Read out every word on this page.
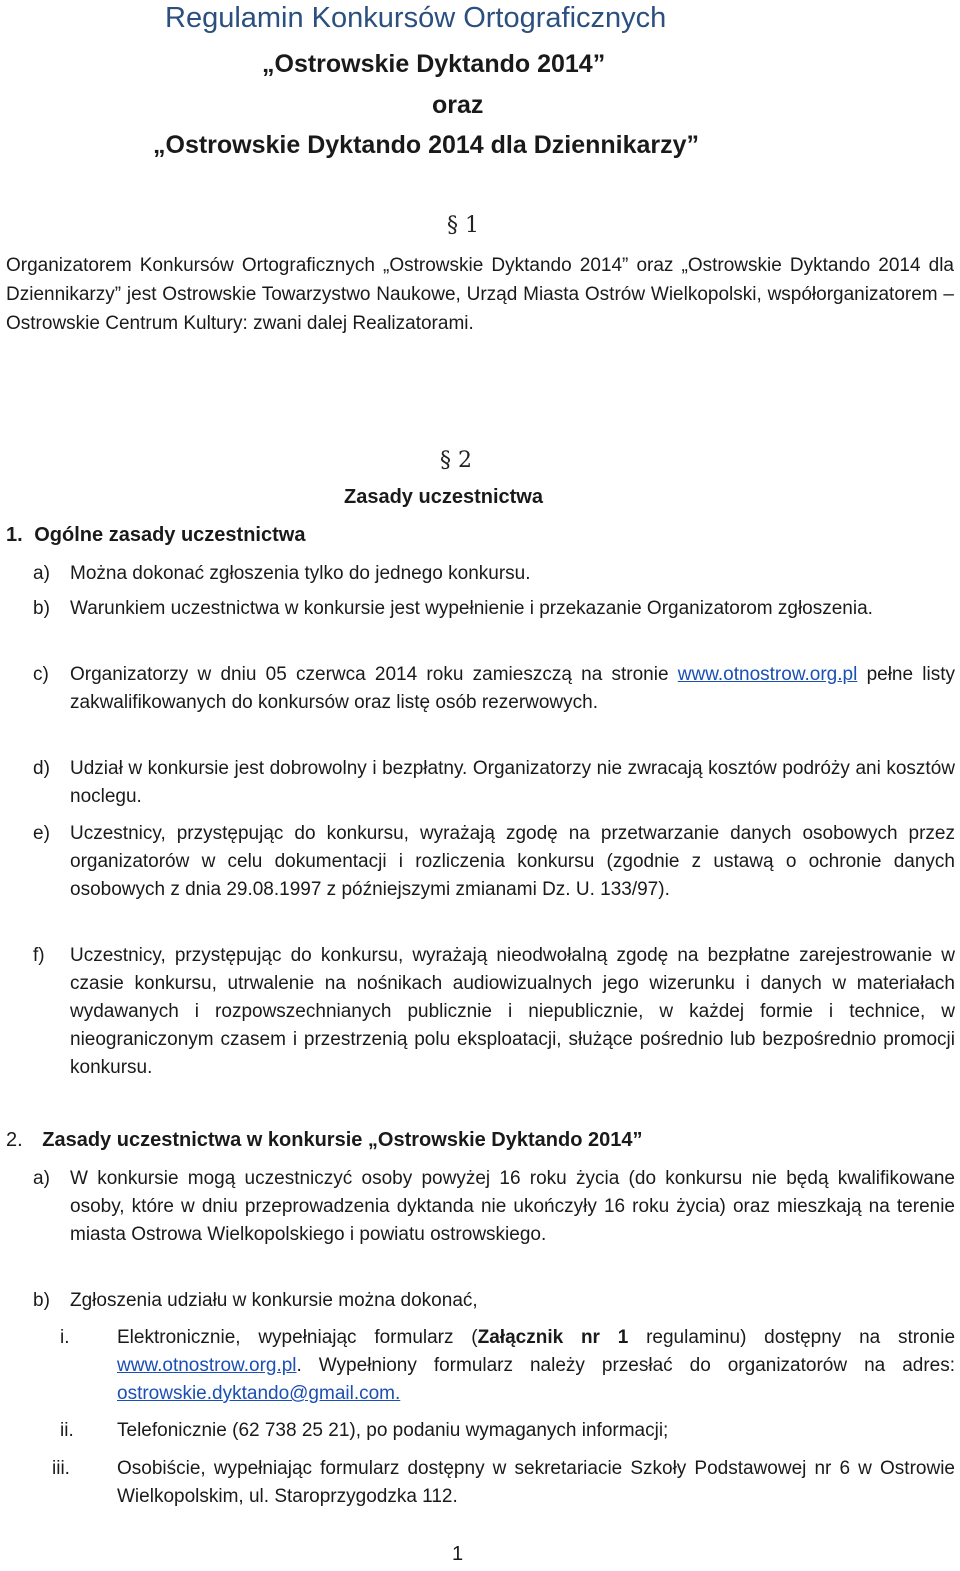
Regulamin Konkursów Ortograficznych
„Ostrowskie Dyktando 2014”
oraz
„Ostrowskie Dyktando 2014 dla Dziennikarzy”
§ 1
Organizatorem Konkursów Ortograficznych „Ostrowskie Dyktando 2014” oraz „Ostrowskie Dyktando 2014 dla Dziennikarzy” jest Ostrowskie Towarzystwo Naukowe, Urząd Miasta Ostrów Wielkopolski, współorganizatorem – Ostrowskie Centrum Kultury: zwani dalej Realizatorami.
§ 2
Zasady uczestnictwa
1. Ogólne zasady uczestnictwa
a) Można dokonać zgłoszenia tylko do jednego konkursu.
b) Warunkiem uczestnictwa w konkursie jest wypełnienie i przekazanie Organizatorom zgłoszenia.
c) Organizatorzy w dniu 05 czerwca 2014 roku zamieszczą na stronie www.otnostrow.org.pl pełne listy zakwalifikowanych do konkursów oraz listę osób rezerwowych.
d) Udział w konkursie jest dobrowolny i bezpłatny. Organizatorzy nie zwracają kosztów podróży ani kosztów noclegu.
e) Uczestnicy, przystępując do konkursu, wyrażają zgodę na przetwarzanie danych osobowych przez organizatorów w celu dokumentacji i rozliczenia konkursu (zgodnie z ustawą o ochronie danych osobowych z dnia 29.08.1997 z późniejszymi zmianami Dz. U. 133/97).
f) Uczestnicy, przystępując do konkursu, wyrażają nieodwołalną zgodę na bezpłatne zarejestrowanie w czasie konkursu, utrwalenie na nośnikach audiowizualnych jego wizerunku i danych w materiałach wydawanych i rozpowszechnianych publicznie i niepublicznie, w każdej formie i technice, w nieograniczonym czasem i przestrzenią polu eksploatacji, służące pośrednio lub bezpośrednio promocji konkursu.
2. Zasady uczestnictwa w konkursie „Ostrowskie Dyktando 2014”
a) W konkursie mogą uczestniczyć osoby powyżej 16 roku życia (do konkursu nie będą kwalifikowane osoby, które w dniu przeprowadzenia dyktanda nie ukończyły 16 roku życia) oraz mieszkają na terenie miasta Ostrowa Wielkopolskiego i powiatu ostrowskiego.
b) Zgłoszenia udziału w konkursie można dokonać,
i.	Elektronicznie, wypełniając formularz (Załącznik nr 1 regulaminu) dostępny na stronie www.otnostrow.org.pl. Wypełniony formularz należy przesłać do organizatorów na adres: ostrowskie.dyktando@gmail.com.
ii. Telefonicznie (62 738 25 21), po podaniu wymaganych informacji;
iii. Osobiście, wypełniając formularz dostępny w sekretariacie Szkoły Podstawowej nr 6 w Ostrowie Wielkopolskim, ul. Staroprzygodzka 112.
1
